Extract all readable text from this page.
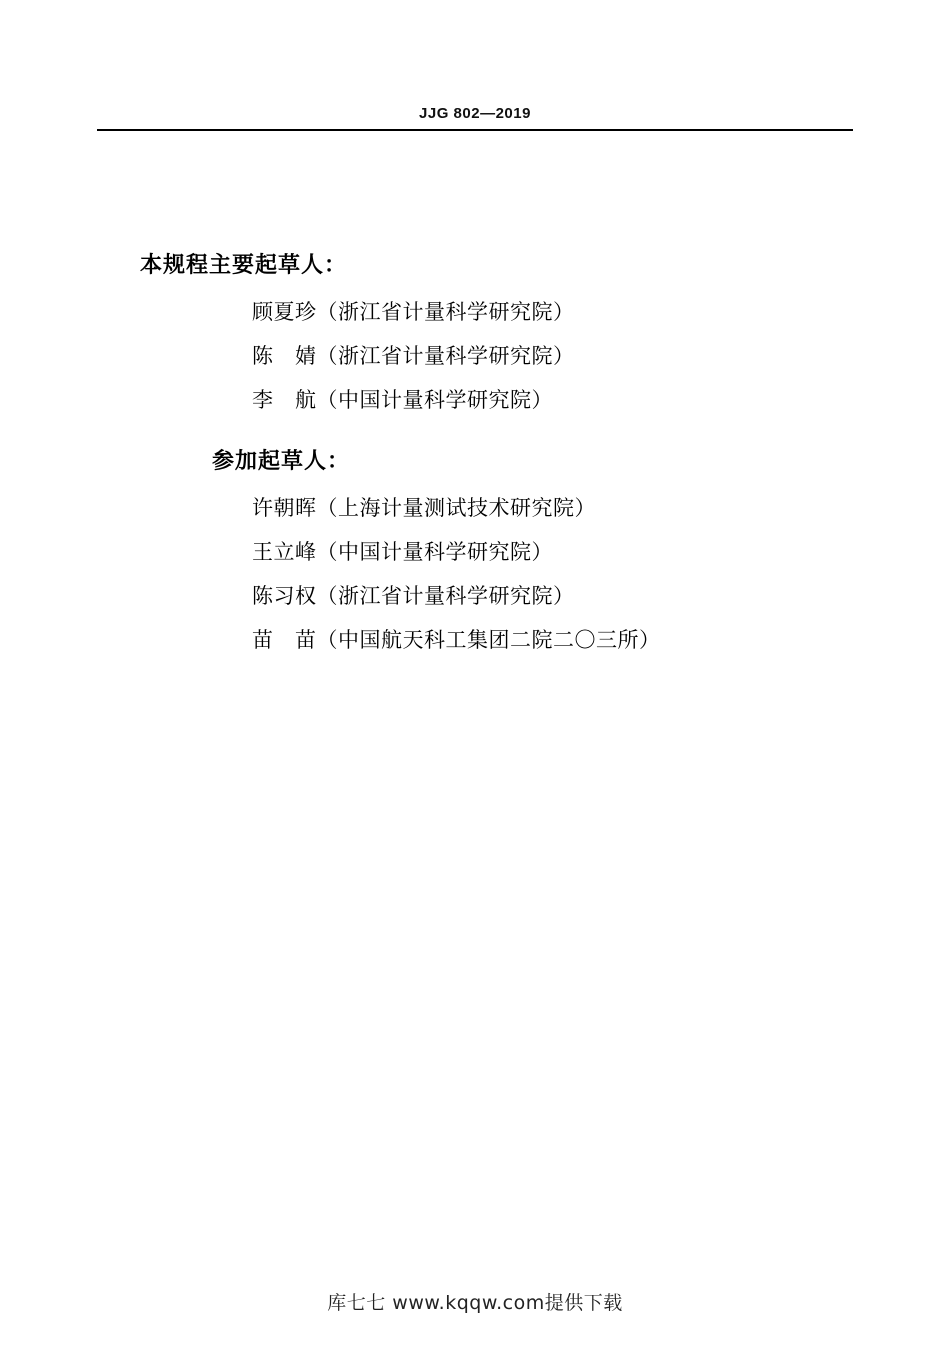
JJG 802—2019
本规程主要起草人：
顾夏珍（浙江省计量科学研究院）
陈　婧（浙江省计量科学研究院）
李　航（中国计量科学研究院）
参加起草人：
许朝晖（上海计量测试技术研究院）
王立峰（中国计量科学研究院）
陈习权（浙江省计量科学研究院）
苗　苗（中国航天科工集团二院二〇三所）
库七七 www.kqqw.com提供下载
